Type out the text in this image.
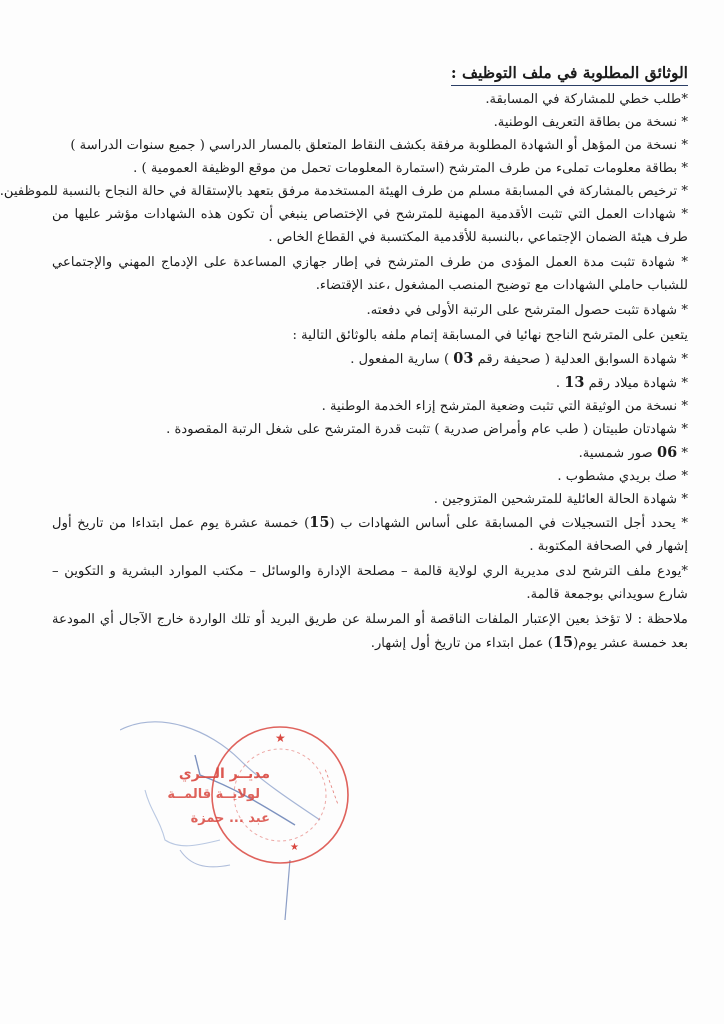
الوثائق المطلوبة في ملف التوظيف :
*طلب خطي للمشاركة في المسابقة.
* نسخة من بطاقة التعريف الوطنية.
* نسخة من المؤهل أو الشهادة المطلوبة مرفقة بكشف النقاط المتعلق بالمسار الدراسي ( جميع سنوات الدراسة )
* بطاقة معلومات تملىء من طرف المترشح (استمارة المعلومات تحمل من موقع الوظيفة العمومية ) .
* ترخيص بالمشاركة في المسابقة مسلم من طرف الهيئة المستخدمة مرفق بتعهد بالإستقالة في حالة النجاح بالنسبة للموظفين.
* شهادات العمل التي تثبت الأقدمية المهنية للمترشح في الإختصاص ينبغي أن تكون هذه الشهادات مؤشر عليها من طرف هيئة الضمان الإجتماعي ،بالنسبة للأقدمية المكتسبة في القطاع الخاص .
* شهادة تثبت مدة العمل المؤدى من طرف المترشح في إطار جهازي المساعدة على الإدماج المهني والإجتماعي للشباب حاملي الشهادات مع توضيح المنصب المشغول ،عند الإقتضاء.
* شهادة تثبت حصول المترشح على الرتبة الأولى في دفعته.
يتعين على المترشح الناجح نهائيا في المسابقة إتمام ملفه بالوثائق التالية :
* شهادة السوابق العدلية ( صحيفة رقم 03 ) سارية المفعول .
* شهادة ميلاد رقم 13 .
* نسخة من الوثيقة التي تثبت وضعية المترشح إزاء الخدمة الوطنية .
* شهادتان طبيتان ( طب عام وأمراض صدرية ) تثبت قدرة المترشح على شغل الرتبة المقصودة .
* 06 صور شمسية.
* صك بريدي مشطوب .
* شهادة الحالة العائلية للمترشحين المتزوجين .
* يحدد أجل التسجيلات في المسابقة على أساس الشهادات ب (15) خمسة عشرة يوم عمل ابتداءا من تاريخ أول إشهار في الصحافة المكتوبة .
*يودع ملف الترشح لدى مديرية الري لولاية قالمة – مصلحة الإدارة والوسائل – مكتب الموارد البشرية و التكوين – شارع سويداني بوجمعة قالمة.
ملاحظة : لا تؤخذ بعين الإعتبار الملفات الناقصة أو المرسلة عن طريق البريد أو تلك الواردة خارج الآجال أي المودعة بعد خمسة عشر يوم(15) عمل ابتداء من تاريخ أول إشهار.
★
★
ـ ـ ـ ـ ـ ـ ـ
مديــر الـــري
لولايــة قالمــة
عبد ... حمزة
